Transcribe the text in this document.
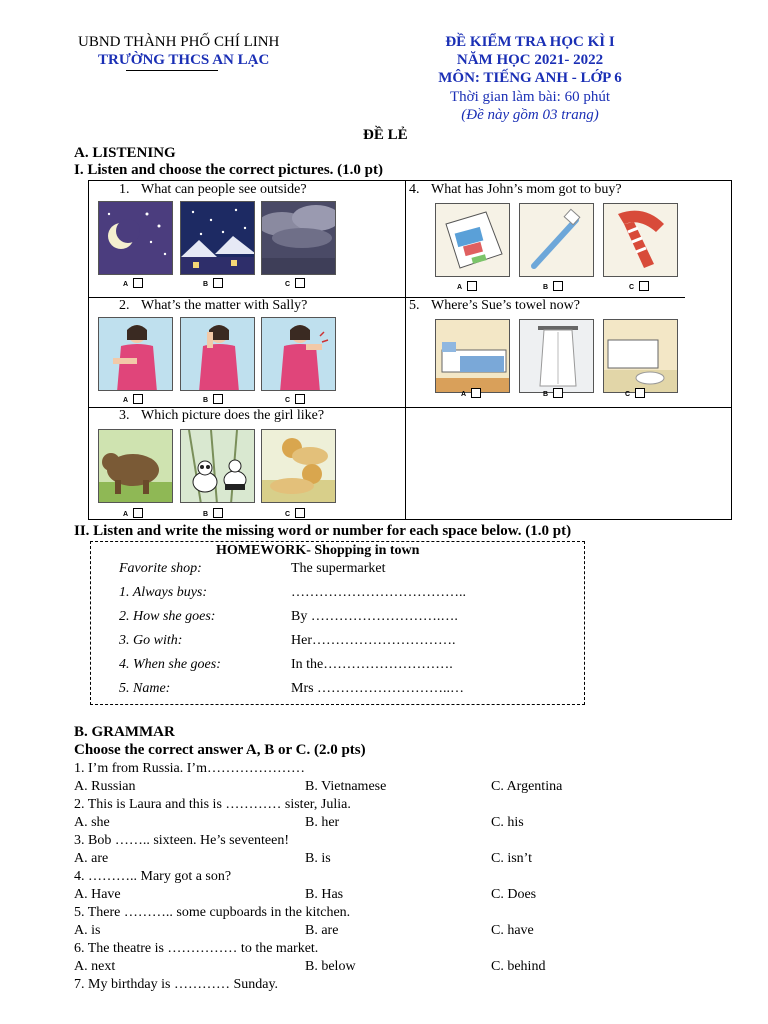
UBND THÀNH PHỐ CHÍ LINH
TRƯỜNG THCS AN LẠC
ĐỀ KIỂM TRA HỌC KÌ I
NĂM HỌC 2021- 2022
MÔN: TIẾNG ANH - LỚP 6
Thời gian làm bài: 60 phút
(Đề này gồm 03 trang)
ĐỀ LẺ
A. LISTENING
I. Listen and choose the correct pictures. (1.0 pt)
1. What can people see outside?
A	B	C
4. What has John’s mom got to buy?
A	B	C
2. What’s the matter with Sally?
A	B	C
5. Where’s Sue’s towel now?
A	B	C
3. Which picture does the girl like?
A	B	C
II. Listen and write the missing word or number for each space below. (1.0 pt)
HOMEWORK- Shopping in town
Favorite shop:	The supermarket
1. Always buys:	………………………………..
2. How she goes:	By ……………………….….
3. Go with:	Her………………………….
4. When she goes:	In the……………………….
5. Name:	Mrs ………………………..…
B. GRAMMAR
Choose the correct answer A, B or C. (2.0 pts)
1. I’m from Russia. I’m…………………
A. Russian	B. Vietnamese	C. Argentina
2. This is Laura and this is ………… sister, Julia.
A. she	B. her	C. his
3. Bob …….. sixteen. He’s seventeen!
A. are	B. is	C. isn’t
4. ……….. Mary got a son?
A. Have	B. Has	C. Does
5. There ……….. some cupboards in the kitchen.
A. is	B. are	C. have
6. The theatre is …………… to the market.
A. next	B. below	C. behind
7. My birthday is ………… Sunday.
